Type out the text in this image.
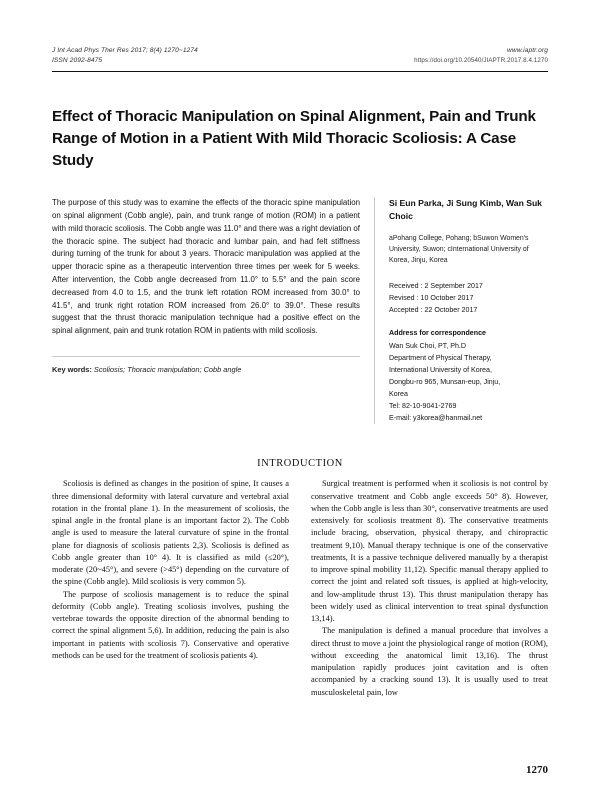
J Int Acad Phys Ther Res 2017; 8(4) 1270~1274
ISSN 2092-8475
www.iaptr.org
https://doi.org/10.20540/JIAPTR.2017.8.4.1270
Effect of Thoracic Manipulation on Spinal Alignment, Pain and Trunk Range of Motion in a Patient With Mild Thoracic Scoliosis: A Case Study

The purpose of this study was to examine the effects of the thoracic spine manipulation on spinal alignment (Cobb angle), pain, and trunk range of motion (ROM) in a patient with mild thoracic scoliosis. The Cobb angle was 11.0° and there was a right deviation of the thoracic spine. The subject had thoracic and lumbar pain, and had felt stiffness during turning of the trunk for about 3 years. Thoracic manipulation was applied at the upper thoracic spine as a therapeutic intervention three times per week for 5 weeks. After intervention, the Cobb angle decreased from 11.0° to 5.5° and the pain score decreased from 4.0 to 1.5, and the trunk left rotation ROM increased from 30.0° to 41.5°, and trunk right rotation ROM increased from 26.0° to 39.0°. These results suggest that the thrust thoracic manipulation technique had a positive effect on the spinal alignment, pain and trunk rotation ROM in patients with mild scoliosis.

Key words: Scoliosis; Thoracic manipulation; Cobb angle

Si Eun Parka, Ji Sung Kimb, Wan Suk Choic

aPohang College, Pohang; bSuwon Women's University, Suwon; cInternational University of Korea, Jinju, Korea

Received : 2 September 2017
Revised : 10 October 2017
Accepted : 22 October 2017

Address for correspondence

Wan Suk Choi, PT, Ph.D
Department of Physical Therapy,
International University of Korea,
Dongbu-ro 965, Munsan-eup, Jinju,
Korea
Tel: 82-10-9041-2769
E-mail: y3korea@hanmail.net
INTRODUCTION

Scoliosis is defined as changes in the position of spine, It causes a three dimensional deformity with lateral curvature and vertebral axial rotation in the frontal plane 1). In the measurement of scoliosis, the spinal angle in the frontal plane is an important factor 2). The Cobb angle is used to measure the lateral curvature of spine in the frontal plane for diagnosis of scoliosis patients 2,3). Scoliosis is defined as Cobb angle greater than 10° 4). It is classified as mild (≤20°), moderate (20~45°), and severe (>45°) depending on the curvature of the spine (Cobb angle). Mild scoliosis is very common 5).

The purpose of scoliosis management is to reduce the spinal deformity (Cobb angle). Treating scoliosis involves, pushing the vertebrae towards the opposite direction of the abnormal bending to correct the spinal alignment 5,6). In addition, reducing the pain is also important in patients with scoliosis 7). Conservative and operative methods can be used for the treatment of scoliosis patients 4).

Surgical treatment is performed when it scoliosis is not control by conservative treatment and Cobb angle exceeds 50° 8). However, when the Cobb angle is less than 30°, conservative treatments are used extensively for scoliosis treatment 8). The conservative treatments include bracing, observation, physical therapy, and chiropractic treatment 9,10). Manual therapy technique is one of the conservative treatments, It is a passive technique delivered manually by a therapist to improve spinal mobility 11,12). Specific manual therapy applied to correct the joint and related soft tissues, is applied at high-velocity, and low-amplitude thrust 13). This thrust manipulation therapy has been widely used as clinical intervention to treat spinal dysfunction 13,14).

The manipulation is defined a manual procedure that involves a direct thrust to move a joint the physiological range of motion (ROM), without exceeding the anatomical limit 13,16). The thrust manipulation rapidly produces joint cavitation and is often accompanied by a cracking sound 13). It is usually used to treat musculoskeletal pain, low

1270
